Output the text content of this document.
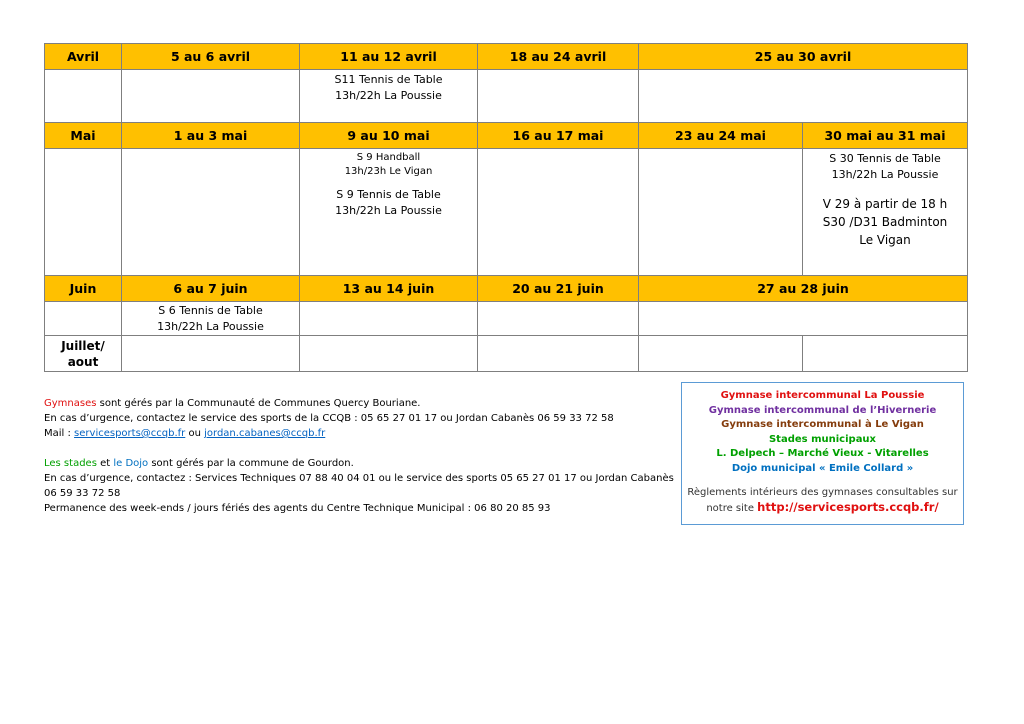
Avril	5 au 6 avril	11 au 12 avril	18 au 24 avril	25 au 30 avril	

		S11 Tennis de Table
13h/22h La Poussie			
Mai	1 au 3 mai	9 au 10 mai	16 au 17 mai	23 au 24 mai	30 mai au 31 mai

		S 9 Handball
13h/23h Le Vigan
S 9 Tennis de Table
13h/22h La Poussie			S 30 Tennis de Table
13h/22h La Poussie
V 29 à partir de 18 h
S30 /D31 Badminton
Le Vigan

Juin	6 au 7 juin	13 au 14 juin	20 au 21 juin	27 au 28 juin	

	S 6 Tennis de Table
13h/22h La Poussie				

Juillet/
aout					

Gymnases sont gérés par la Communauté de Communes Quercy Bouriane.

En cas d’urgence, contactez le service des sports de la CCQB : 05 65 27 01 17 ou Jordan Cabanès 06 59 33 72 58

Mail : servicesports@ccqb.fr ou jordan.cabanes@ccqb.fr

Les stades et le Dojo sont gérés par la commune de Gourdon.

En cas d’urgence, contactez : Services Techniques 07 88 40 04 01 ou le service des sports 05 65 27 01 17 ou Jordan Cabanès 06 59 33 72 58

Permanence des week-ends / jours fériés des agents du Centre Technique Municipal : 06 80 20 85 93

Gymnase intercommunal La Poussie
Gymnase intercommunal de l’Hivernerie
Gymnase intercommunal à Le Vigan
Stades municipaux
L. Delpech – Marché Vieux - Vitarelles
Dojo municipal « Emile Collard »
Règlements intérieurs des gymnases consultables sur notre site http://servicesports.ccqb.fr/
